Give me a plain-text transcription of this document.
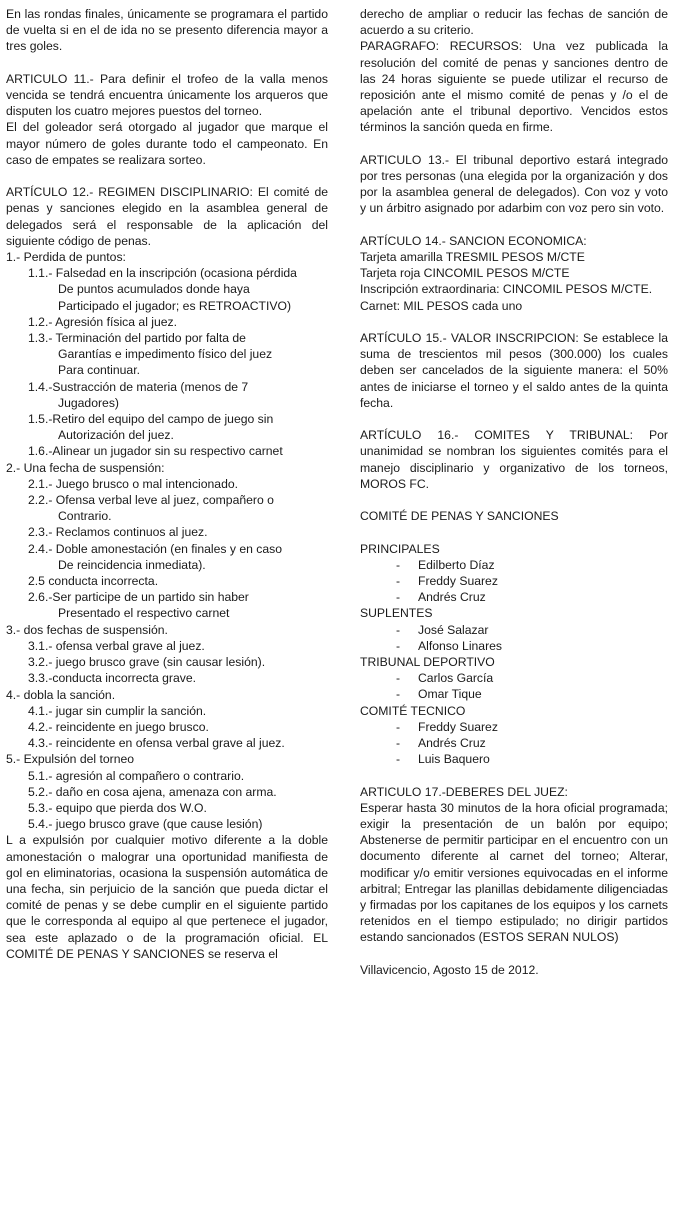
En las rondas finales, únicamente se programara el partido de vuelta si en el de ida no se presento diferencia mayor a tres goles.

ARTICULO 11.- Para definir el trofeo de la valla menos vencida se tendrá encuentra únicamente los arqueros que disputen los cuatro mejores puestos del torneo.

El del goleador será otorgado al jugador que marque el mayor número de goles durante todo el campeonato. En caso de empates se realizara sorteo.

ARTÍCULO 12.- REGIMEN DISCIPLINARIO: El comité de penas y sanciones elegido en la asamblea general de delegados será el responsable de la aplicación del siguiente código de penas.

1.- Perdida de puntos:

1.1.- Falsedad en la inscripción (ocasiona pérdida

De puntos acumulados donde haya

Participado el jugador; es RETROACTIVO)

1.2.- Agresión física al juez.

1.3.- Terminación del partido por falta de

Garantías e impedimento físico del juez

Para continuar.

1.4.-Sustracción de materia (menos de 7

Jugadores)

1.5.-Retiro del equipo del campo de juego sin

Autorización del juez.

1.6.-Alinear un jugador sin su respectivo carnet

2.- Una fecha de suspensión:

2.1.- Juego brusco o mal intencionado.

2.2.- Ofensa verbal leve al juez, compañero o

Contrario.

2.3.- Reclamos continuos al juez.

2.4.- Doble amonestación (en finales y en caso

De reincidencia inmediata).

2.5 conducta incorrecta.

2.6.-Ser participe de un partido sin haber

Presentado el respectivo carnet

3.- dos fechas de suspensión.

3.1.- ofensa verbal grave al juez.

3.2.- juego brusco grave (sin causar lesión).

3.3.-conducta incorrecta grave.

4.- dobla la sanción.

4.1.- jugar sin cumplir la sanción.

4.2.- reincidente en juego brusco.

4.3.- reincidente en ofensa verbal grave al juez.

5.- Expulsión del torneo

5.1.- agresión al compañero o contrario.

5.2.- daño en cosa ajena, amenaza con arma.

5.3.- equipo que pierda dos W.O.

5.4.- juego brusco grave (que cause lesión)

L a expulsión por cualquier motivo diferente a la doble amonestación o malograr una oportunidad manifiesta de gol en eliminatorias, ocasiona la suspensión automática de una fecha, sin perjuicio de la sanción que pueda dictar el comité de penas y se debe cumplir en el siguiente partido que le corresponda al equipo al que pertenece el jugador, sea este aplazado o de la programación oficial. EL COMITÉ DE PENAS Y SANCIONES se reserva el

derecho de ampliar o reducir las fechas de sanción de acuerdo a su criterio.

PARAGRAFO: RECURSOS: Una vez publicada la resolución del comité de penas y sanciones dentro de las 24 horas siguiente se puede utilizar el recurso de reposición ante el mismo comité de penas y /o el de apelación ante el tribunal deportivo. Vencidos estos términos la sanción queda en firme.

ARTICULO 13.- El tribunal deportivo estará integrado por tres personas (una elegida por la organización y dos por la asamblea general de delegados). Con voz y voto y un árbitro asignado por adarbim con voz pero sin voto.

ARTÍCULO 14.- SANCION ECONOMICA:

Tarjeta amarilla TRESMIL PESOS M/CTE

Tarjeta roja CINCOMIL PESOS M/CTE

Inscripción extraordinaria: CINCOMIL PESOS M/CTE.

Carnet: MIL PESOS cada uno

ARTÍCULO 15.- VALOR INSCRIPCION: Se establece la suma de trescientos mil pesos (300.000) los cuales deben ser cancelados de la siguiente manera: el 50% antes de iniciarse el torneo y el saldo antes de la quinta fecha.

ARTÍCULO 16.- COMITES Y TRIBUNAL: Por unanimidad se nombran los siguientes comités para el manejo disciplinario y organizativo de los torneos, MOROS FC.

COMITÉ DE PENAS Y SANCIONES

PRINCIPALES

- Edilberto Díaz

- Freddy Suarez

- Andrés Cruz

SUPLENTES

- José Salazar

- Alfonso Linares

TRIBUNAL DEPORTIVO

- Carlos García

- Omar Tique

COMITÉ TECNICO

- Freddy Suarez

- Andrés Cruz

- Luis Baquero

ARTICULO 17.-DEBERES DEL JUEZ:

Esperar hasta 30 minutos de la hora oficial programada; exigir la presentación de un balón por equipo; Abstenerse de permitir participar en el encuentro con un documento diferente al carnet del torneo; Alterar, modificar y/o emitir versiones equivocadas en el informe arbitral; Entregar las planillas debidamente diligenciadas y firmadas por los capitanes de los equipos y los carnets retenidos en el tiempo estipulado; no dirigir partidos estando sancionados (ESTOS SERAN NULOS)

Villavicencio, Agosto 15 de 2012.
